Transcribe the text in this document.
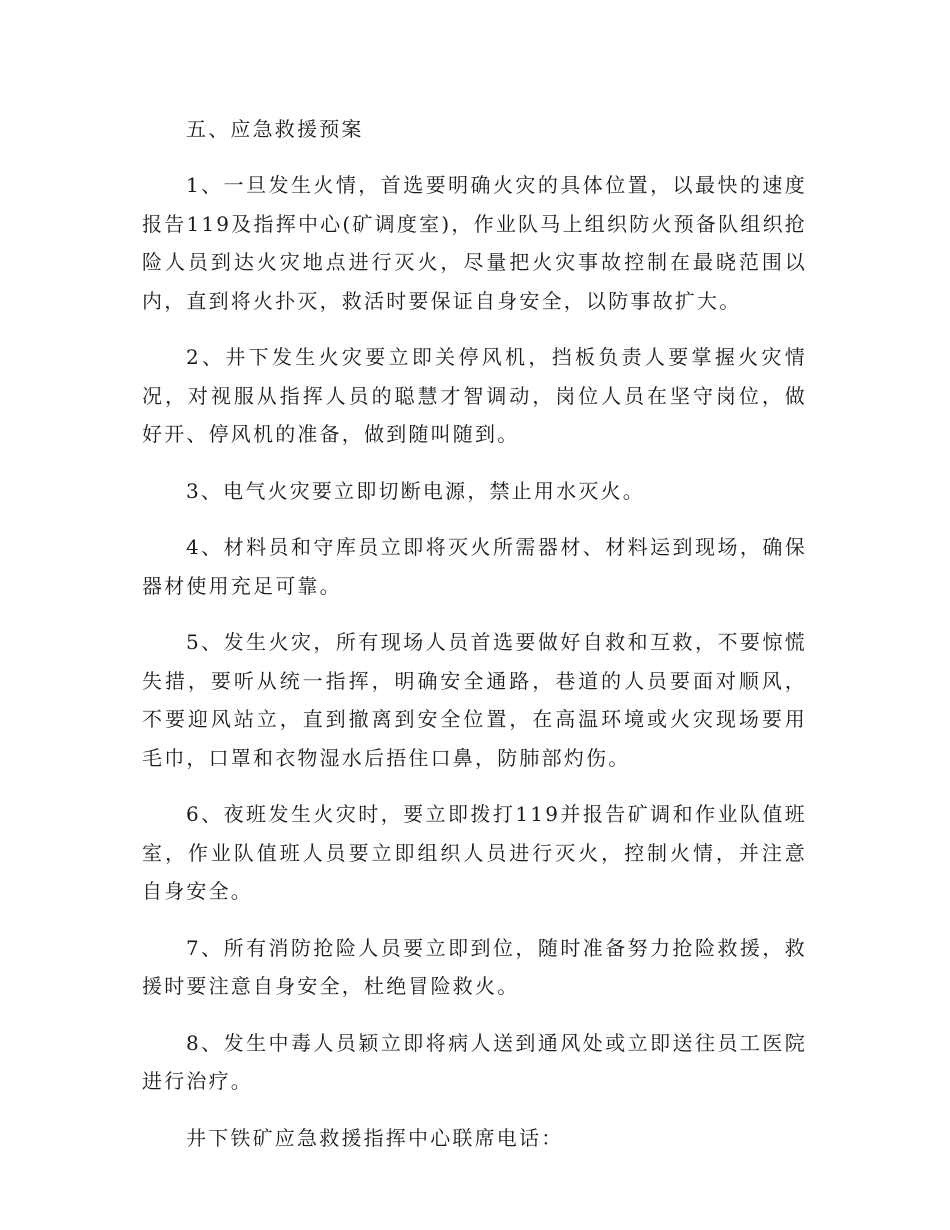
五、应急救援预案

1、一旦发生火情，首选要明确火灾的具体位置，以最快的速度报告119及指挥中心(矿调度室)，作业队马上组织防火预备队组织抢险人员到达火灾地点进行灭火，尽量把火灾事故控制在最晓范围以内，直到将火扑灭，救活时要保证自身安全，以防事故扩大。

2、井下发生火灾要立即关停风机，挡板负责人要掌握火灾情况，对视服从指挥人员的聪慧才智调动，岗位人员在坚守岗位，做好开、停风机的准备，做到随叫随到。

3、电气火灾要立即切断电源，禁止用水灭火。

4、材料员和守库员立即将灭火所需器材、材料运到现场，确保器材使用充足可靠。

5、发生火灾，所有现场人员首选要做好自救和互救，不要惊慌失措，要听从统一指挥，明确安全通路，巷道的人员要面对顺风，不要迎风站立，直到撤离到安全位置，在高温环境或火灾现场要用毛巾，口罩和衣物湿水后捂住口鼻，防肺部灼伤。

6、夜班发生火灾时，要立即拨打119并报告矿调和作业队值班室，作业队值班人员要立即组织人员进行灭火，控制火情，并注意自身安全。

7、所有消防抢险人员要立即到位，随时准备努力抢险救援，救援时要注意自身安全，杜绝冒险救火。

8、发生中毒人员颖立即将病人送到通风处或立即送往员工医院进行治疗。

井下铁矿应急救援指挥中心联席电话：
